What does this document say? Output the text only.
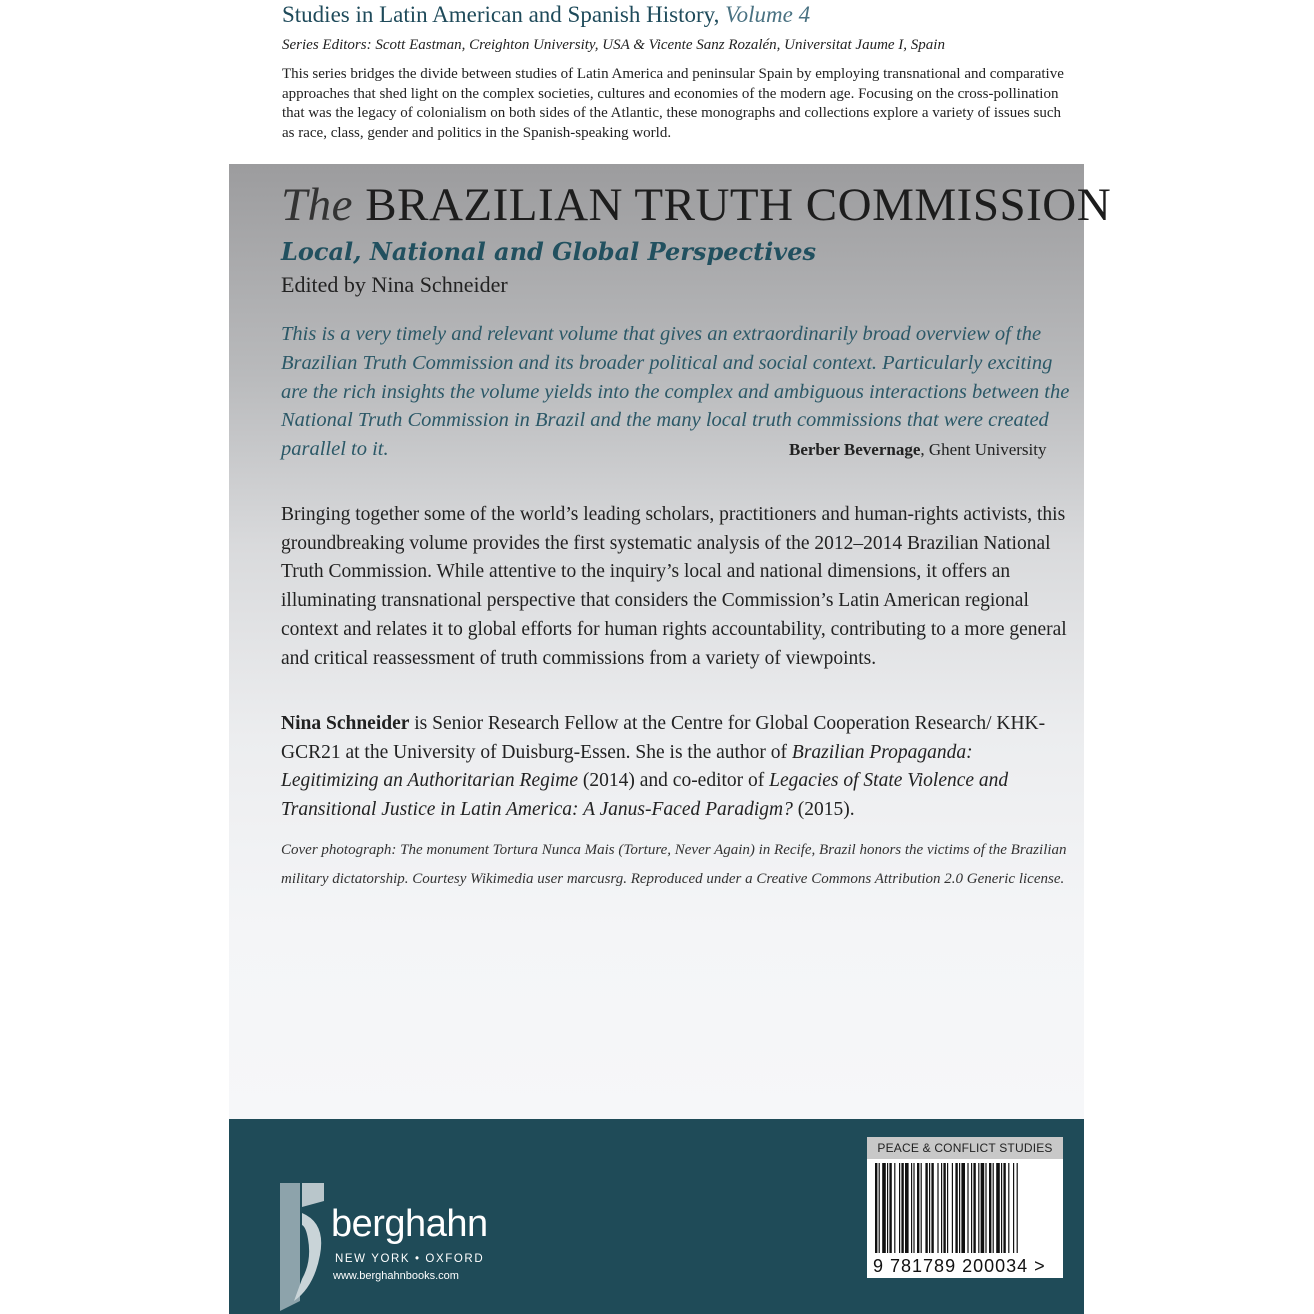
Studies in Latin American and Spanish History, Volume 4
Series Editors: Scott Eastman, Creighton University, USA & Vicente Sanz Rozalén, Universitat Jaume I, Spain
This series bridges the divide between studies of Latin America and peninsular Spain by employing transnational and comparative approaches that shed light on the complex societies, cultures and economies of the modern age. Focusing on the cross-pollination that was the legacy of colonialism on both sides of the Atlantic, these monographs and collections explore a variety of issues such as race, class, gender and politics in the Spanish-speaking world.
The BRAZILIAN TRUTH COMMISSION
Local, National and Global Perspectives
Edited by Nina Schneider
This is a very timely and relevant volume that gives an extraordinarily broad overview of the Brazilian Truth Commission and its broader political and social context. Particularly exciting are the rich insights the volume yields into the complex and ambiguous interactions between the National Truth Commission in Brazil and the many local truth commissions that were created parallel to it.	Berber Bevernage, Ghent University
Bringing together some of the world’s leading scholars, practitioners and human-rights activists, this groundbreaking volume provides the first systematic analysis of the 2012–2014 Brazilian National Truth Commission. While attentive to the inquiry’s local and national dimensions, it offers an illuminating transnational perspective that considers the Commission’s Latin American regional context and relates it to global efforts for human rights accountability, contributing to a more general and critical reassessment of truth commissions from a variety of viewpoints.
Nina Schneider is Senior Research Fellow at the Centre for Global Cooperation Research/ KHK-GCR21 at the University of Duisburg-Essen. She is the author of Brazilian Propaganda: Legitimizing an Authoritarian Regime (2014) and co-editor of Legacies of State Violence and Transitional Justice in Latin America: A Janus-Faced Paradigm? (2015).
Cover photograph: The monument Tortura Nunca Mais (Torture, Never Again) in Recife, Brazil honors the victims of the Brazilian military dictatorship. Courtesy Wikimedia user marcusrg. Reproduced under a Creative Commons Attribution 2.0 Generic license.
berghahn
NEW YORK • OXFORD
www.berghahnbooks.com
PEACE & CONFLICT STUDIES
9 781789 200034 >
